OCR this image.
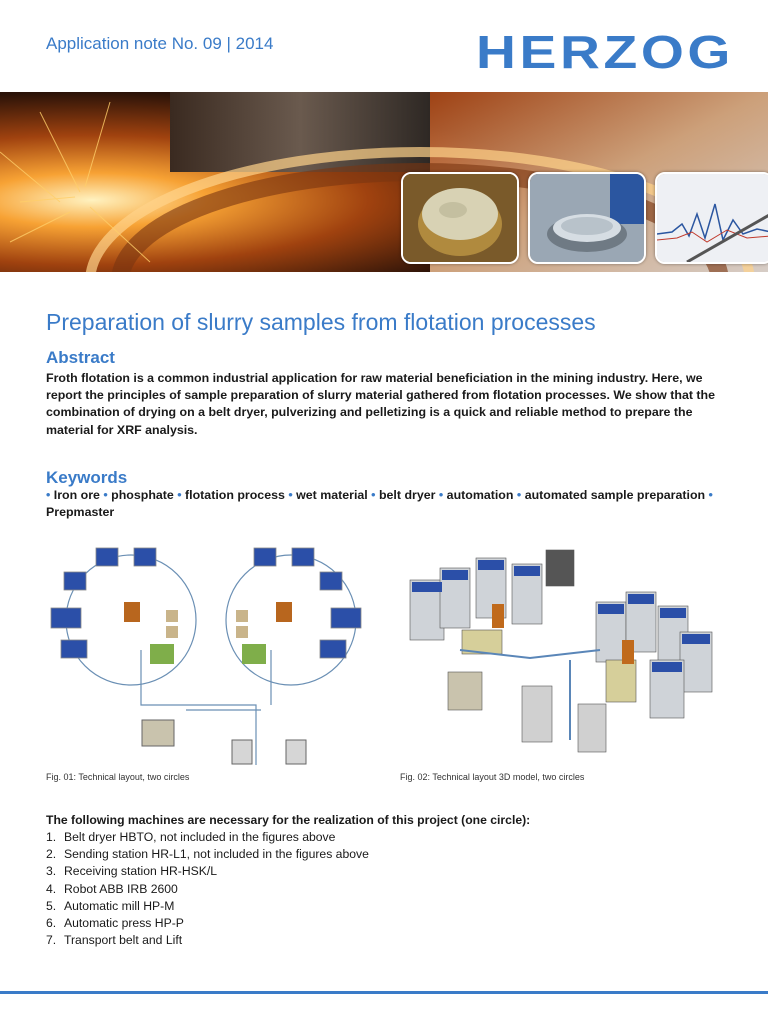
Application note No. 09 | 2014	HERZOG
Preparation of slurry samples from flotation processes
Abstract

Froth flotation is a common industrial application for raw material beneficiation in the mining industry. Here, we report the principles of sample preparation of slurry material gathered from flotation processes. We show that the combination of drying on a belt dryer, pulverizing and pelletizing is a quick and reliable method to prepare the material for XRF analysis.

Keywords

• Iron ore • phosphate • flotation process • wet material • belt dryer • automation • automated sample preparation • Prepmaster

Fig. 01: Technical layout, two circles	Fig. 02: Technical layout 3D model, two circles
The following machines are necessary for the realization of this project (one circle):
1. Belt dryer HBTO, not included in the figures above
2. Sending station HR-L1, not included in the figures above
3. Receiving station HR-HSK/L
4. Robot ABB IRB 2600
5. Automatic mill HP-M
6. Automatic press HP-P
7. Transport belt and Lift
